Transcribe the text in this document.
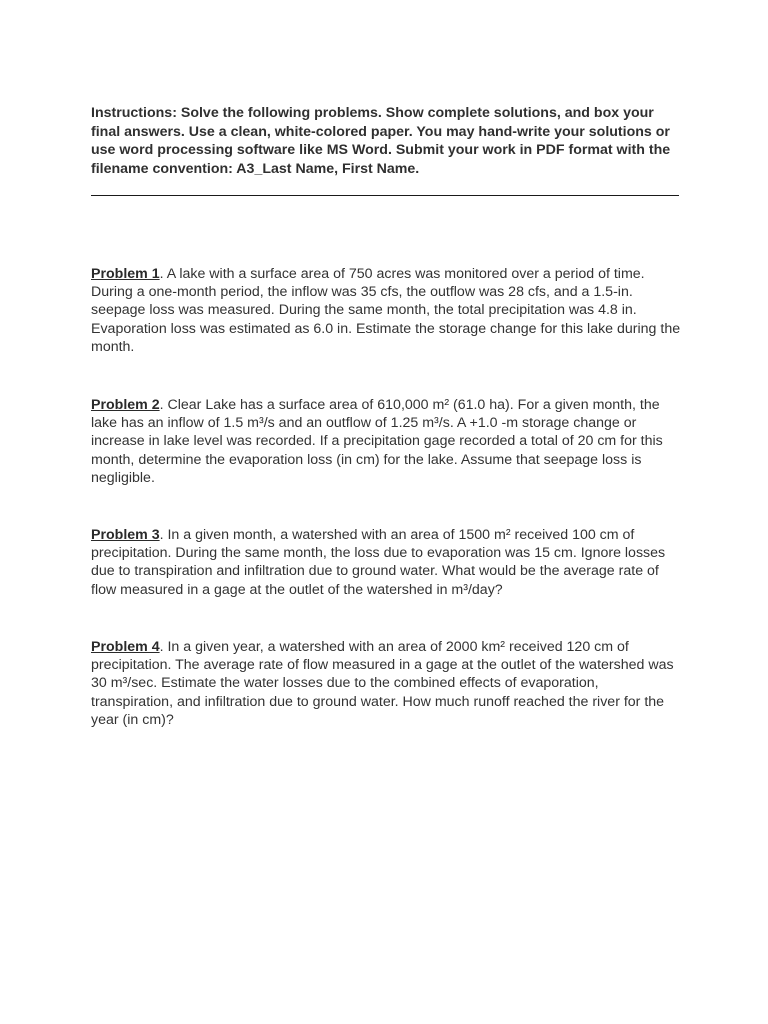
Instructions: Solve the following problems. Show complete solutions, and box your final answers. Use a clean, white-colored paper. You may hand-write your solutions or use word processing software like MS Word. Submit your work in PDF format with the filename convention: A3_Last Name, First Name.
Problem 1. A lake with a surface area of 750 acres was monitored over a period of time. During a one-month period, the inflow was 35 cfs, the outflow was 28 cfs, and a 1.5-in. seepage loss was measured. During the same month, the total precipitation was 4.8 in. Evaporation loss was estimated as 6.0 in. Estimate the storage change for this lake during the month.
Problem 2. Clear Lake has a surface area of 610,000 m² (61.0 ha). For a given month, the lake has an inflow of 1.5 m³/s and an outflow of 1.25 m³/s. A +1.0 -m storage change or increase in lake level was recorded. If a precipitation gage recorded a total of 20 cm for this month, determine the evaporation loss (in cm) for the lake. Assume that seepage loss is negligible.
Problem 3. In a given month, a watershed with an area of 1500 m² received 100 cm of precipitation. During the same month, the loss due to evaporation was 15 cm. Ignore losses due to transpiration and infiltration due to ground water. What would be the average rate of flow measured in a gage at the outlet of the watershed in m³/day?
Problem 4. In a given year, a watershed with an area of 2000 km² received 120 cm of precipitation. The average rate of flow measured in a gage at the outlet of the watershed was 30 m³/sec. Estimate the water losses due to the combined effects of evaporation, transpiration, and infiltration due to ground water. How much runoff reached the river for the year (in cm)?
